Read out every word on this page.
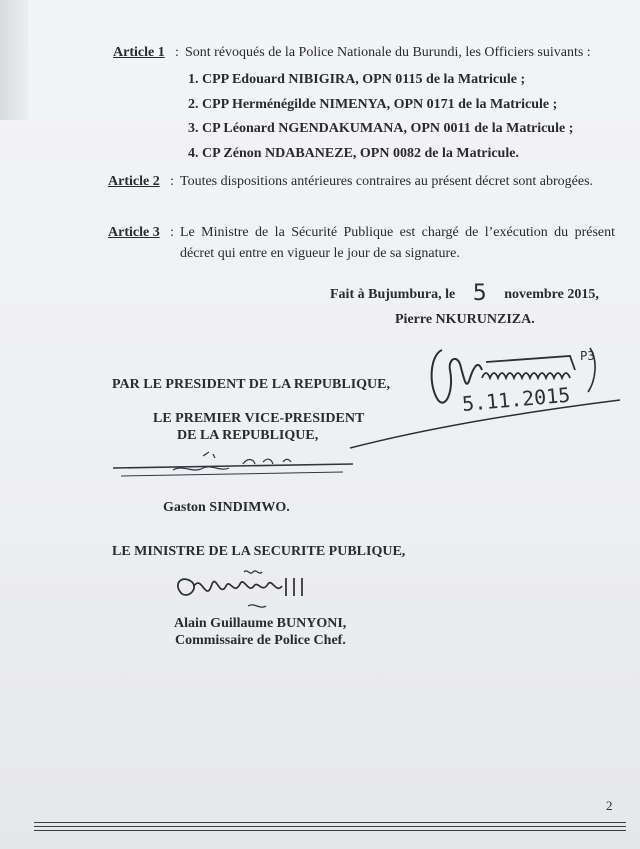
Article 1 : Sont révoqués de la Police Nationale du Burundi, les Officiers suivants :
1. CPP Edouard NIBIGIRA, OPN 0115 de la Matricule ;
2. CPP Herménégilde NIMENYA, OPN 0171 de la Matricule ;
3. CP Léonard NGENDAKUMANA, OPN 0011 de la Matricule ;
4. CP Zénon NDABANEZE, OPN 0082 de la Matricule.
Article 2 : Toutes dispositions antérieures contraires au présent décret sont abrogées.
Article 3 : Le Ministre de la Sécurité Publique est chargé de l’exécution du présent décret qui entre en vigueur le jour de sa signature.
Fait à Bujumbura, le 5 novembre 2015,
Pierre NKURUNZIZA.
P3
5.11.2015
PAR LE PRESIDENT DE LA REPUBLIQUE,
LE PREMIER VICE-PRESIDENT
DE LA REPUBLIQUE,
Gaston SINDIMWO.
LE MINISTRE DE LA SECURITE PUBLIQUE,
Alain Guillaume BUNYONI,
Commissaire de Police Chef.
2
